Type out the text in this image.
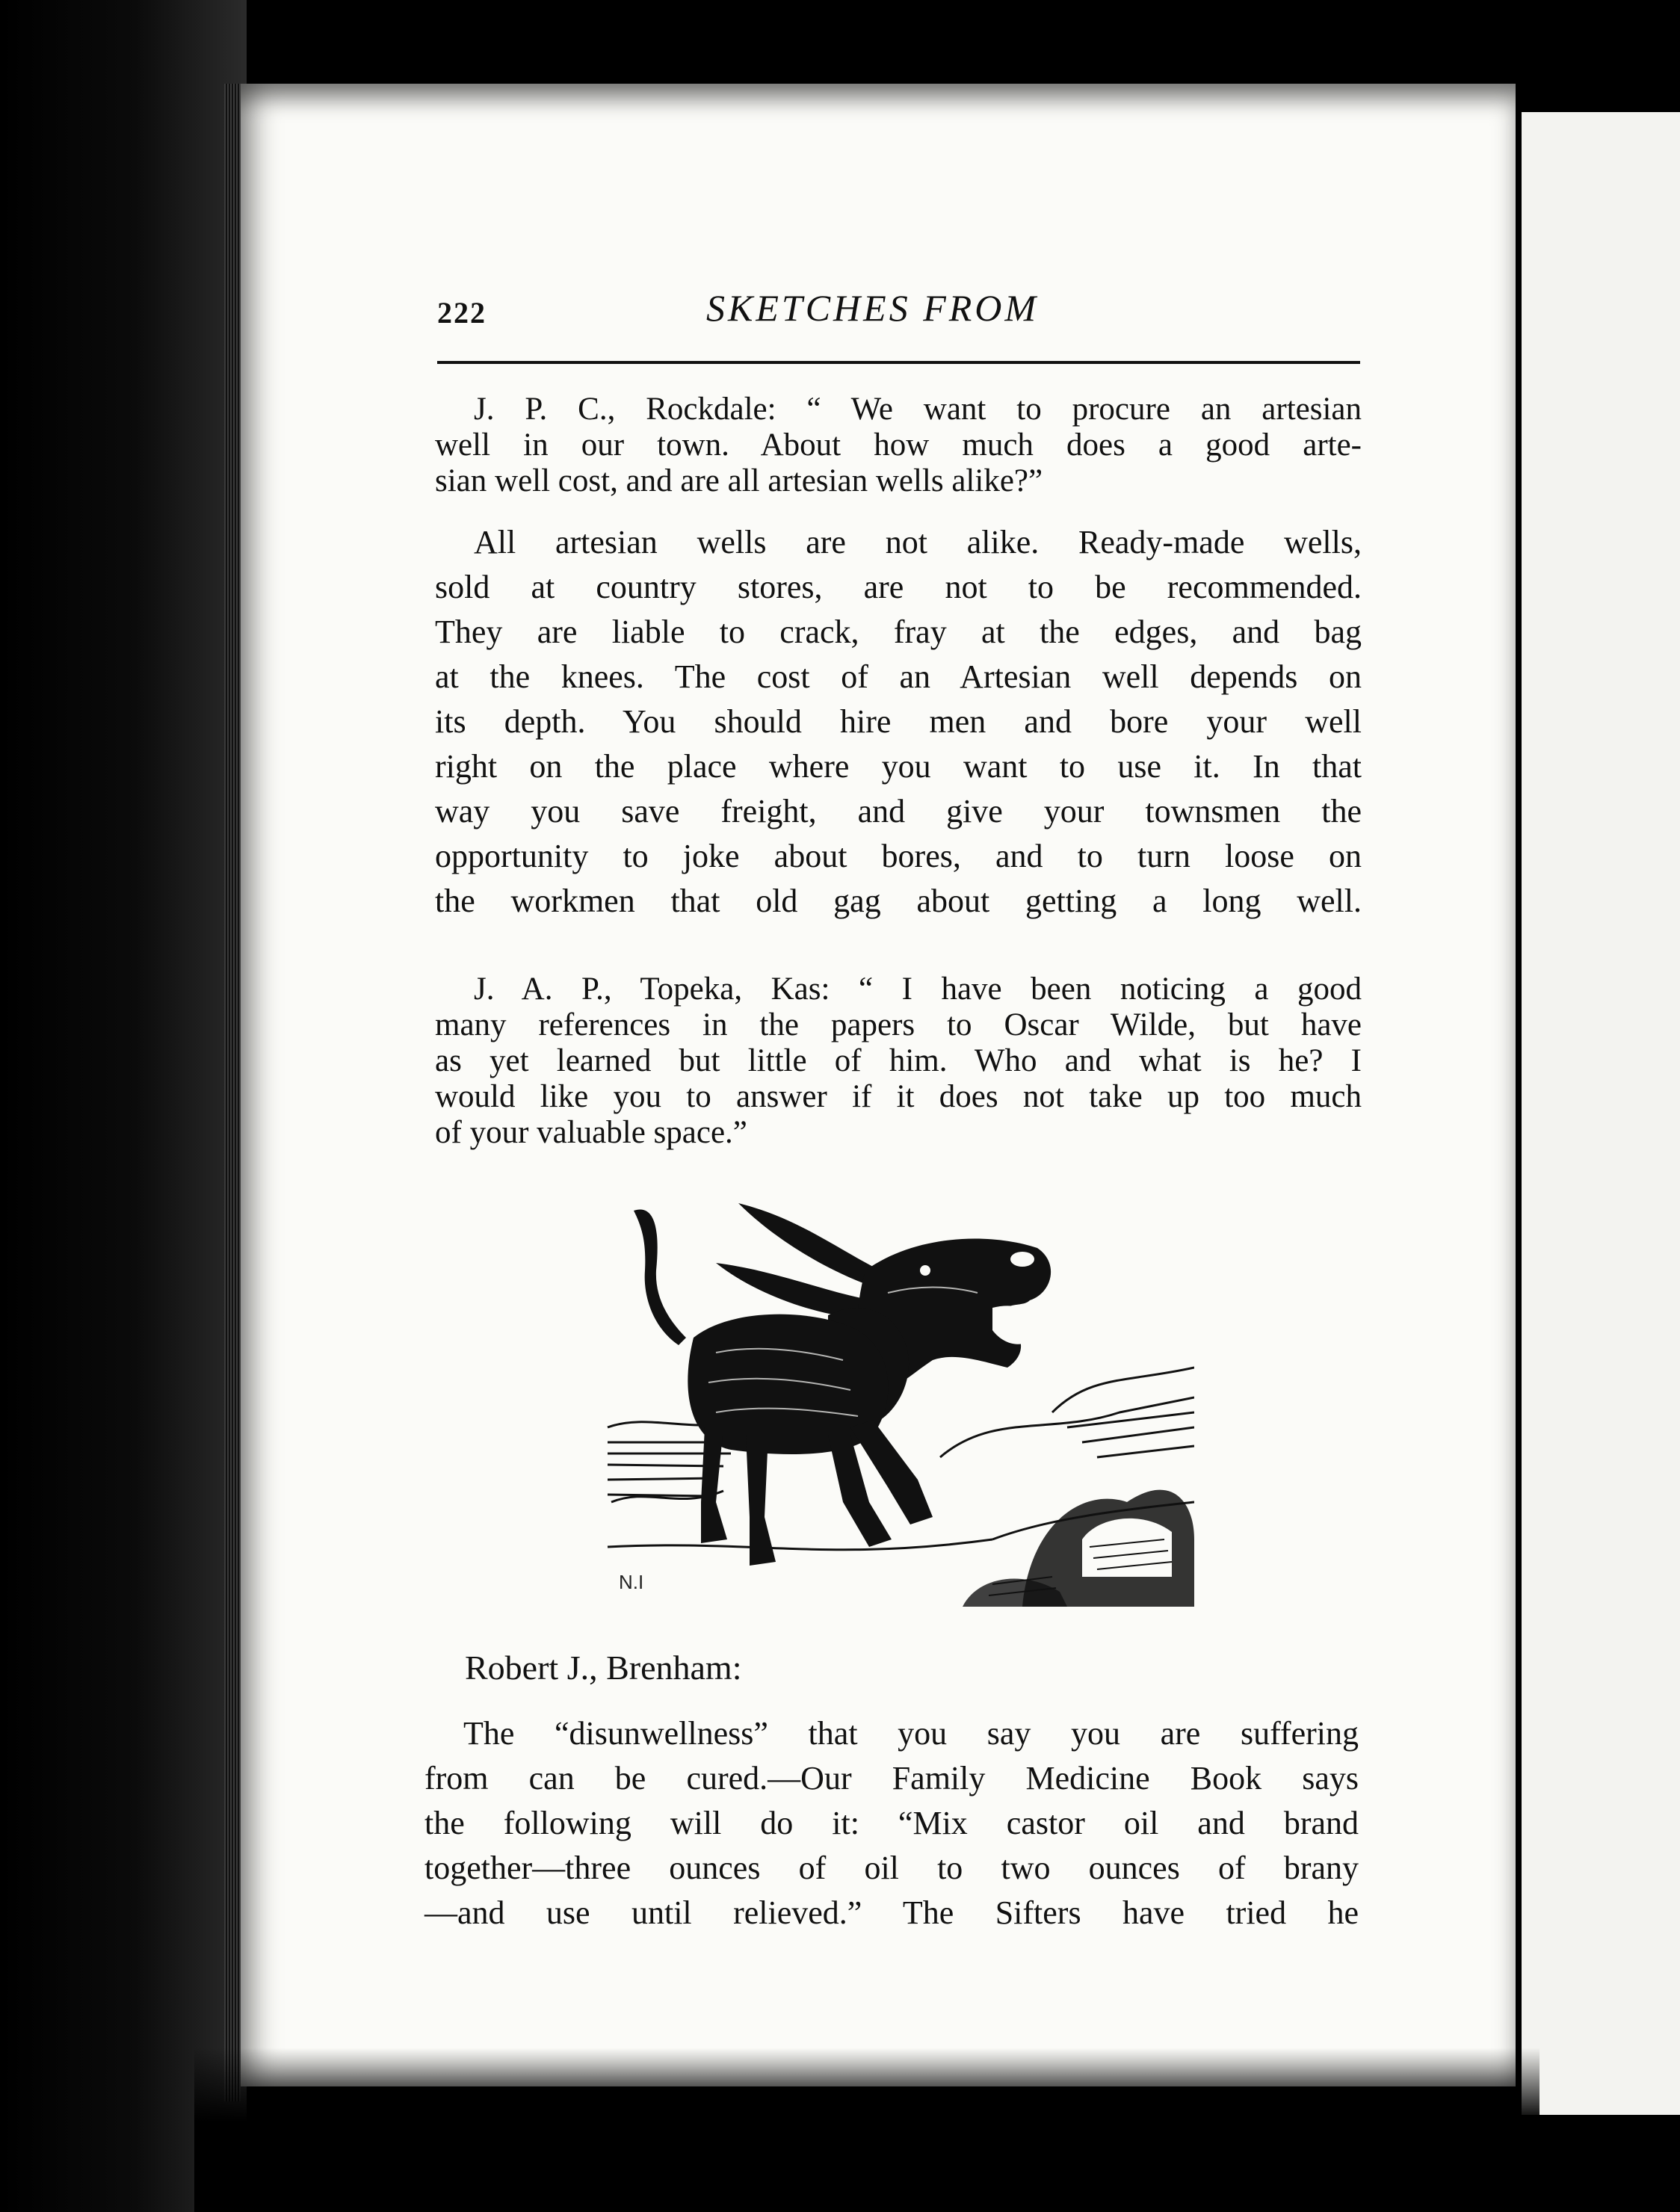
222	SKETCHES FROM
J. P. C., Rockdale: “ We want to procure an artesian
well in our town. About how much does a good arte-
sian well cost, and are all artesian wells alike?”
All artesian wells are not alike. Ready-made wells,
sold at country stores, are not to be recommended.
They are liable to crack, fray at the edges, and bag
at the knees. The cost of an Artesian well depends on
its depth. You should hire men and bore your well
right on the place where you want to use it. In that
way you save freight, and give your townsmen the
opportunity to joke about bores, and to turn loose on
the workmen that old gag about getting a long well.
J. A. P., Topeka, Kas: “ I have been noticing a good
many references in the papers to Oscar Wilde, but have
as yet learned but little of him. Who and what is he? I
would like you to answer if it does not take up too much
of your valuable space.”
N.I
Robert J., Brenham:
The “disunwellness” that you say you are suffering
from can be cured.—Our Family Medicine Book says
the following will do it: “Mix castor oil and brand
together—three ounces of oil to two ounces of brany
—and use until relieved.” The Sifters have tried he
